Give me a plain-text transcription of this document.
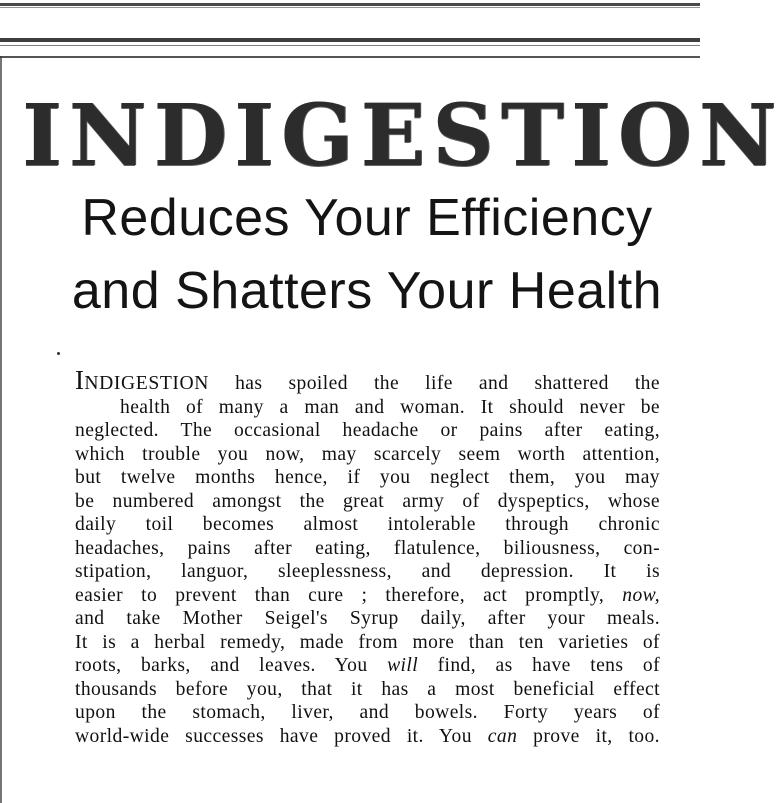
INDIGESTION
Reduces Your Efficiency
and Shatters Your Health
INDIGESTION has spoiled the life and shattered the
health of many a man and woman. It should never be
neglected. The occasional headache or pains after eating,
which trouble you now, may scarcely seem worth attention,
but twelve months hence, if you neglect them, you may
be numbered amongst the great army of dyspeptics, whose
daily toil becomes almost intolerable through chronic
headaches, pains after eating, flatulence, biliousness, con-
stipation, languor, sleeplessness, and depression. It is
easier to prevent than cure ; therefore, act promptly, now,
and take Mother Seigel's Syrup daily, after your meals.
It is a herbal remedy, made from more than ten varieties of
roots, barks, and leaves. You will find, as have tens of
thousands before you, that it has a most beneficial effect
upon the stomach, liver, and bowels. Forty years of
world-wide successes have proved it. You can prove it, too.
